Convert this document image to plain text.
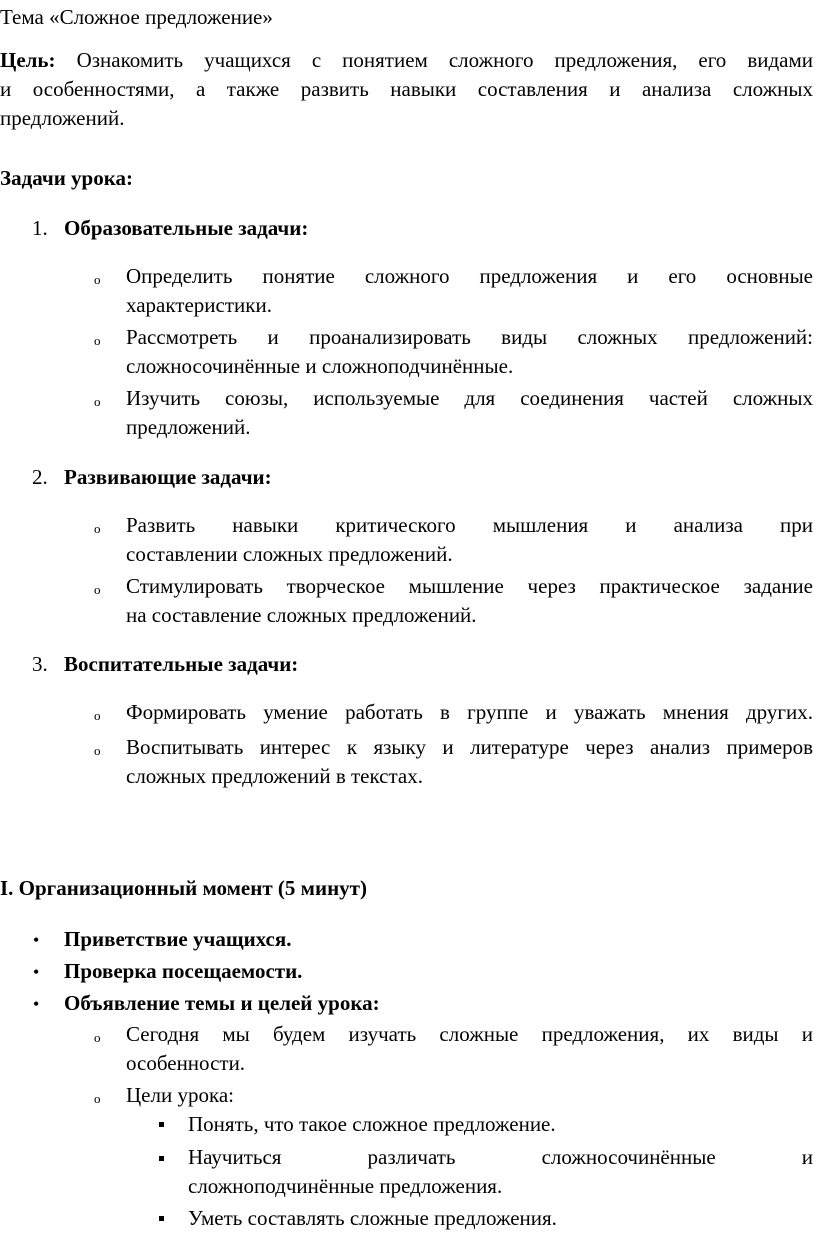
Тема «Сложное предложение»
Цель: Ознакомить учащихся с понятием сложного предложения, его видами
и особенностями, а также развить навыки составления и анализа сложных
предложений.
Задачи урока:
1. Образовательные задачи:
o Определить понятие сложного предложения и его основные
характеристики.
o Рассмотреть и проанализировать виды сложных предложений:
сложносочинённые и сложноподчинённые.
o Изучить союзы, используемые для соединения частей сложных
предложений.
2. Развивающие задачи:
o Развить навыки критического мышления и анализа при
составлении сложных предложений.
o Стимулировать творческое мышление через практическое задание
на составление сложных предложений.
3. Воспитательные задачи:
o Формировать умение работать в группе и уважать мнения других.
o Воспитывать интерес к языку и литературе через анализ примеров
сложных предложений в текстах.
I. Организационный момент (5 минут)
• Приветствие учащихся.
• Проверка посещаемости.
• Объявление темы и целей урока:
o Сегодня мы будем изучать сложные предложения, их виды и
особенности.
o Цели урока:
Понять, что такое сложное предложение.
Научиться различать сложносочинённые и
сложноподчинённые предложения.
Уметь составлять сложные предложения.
